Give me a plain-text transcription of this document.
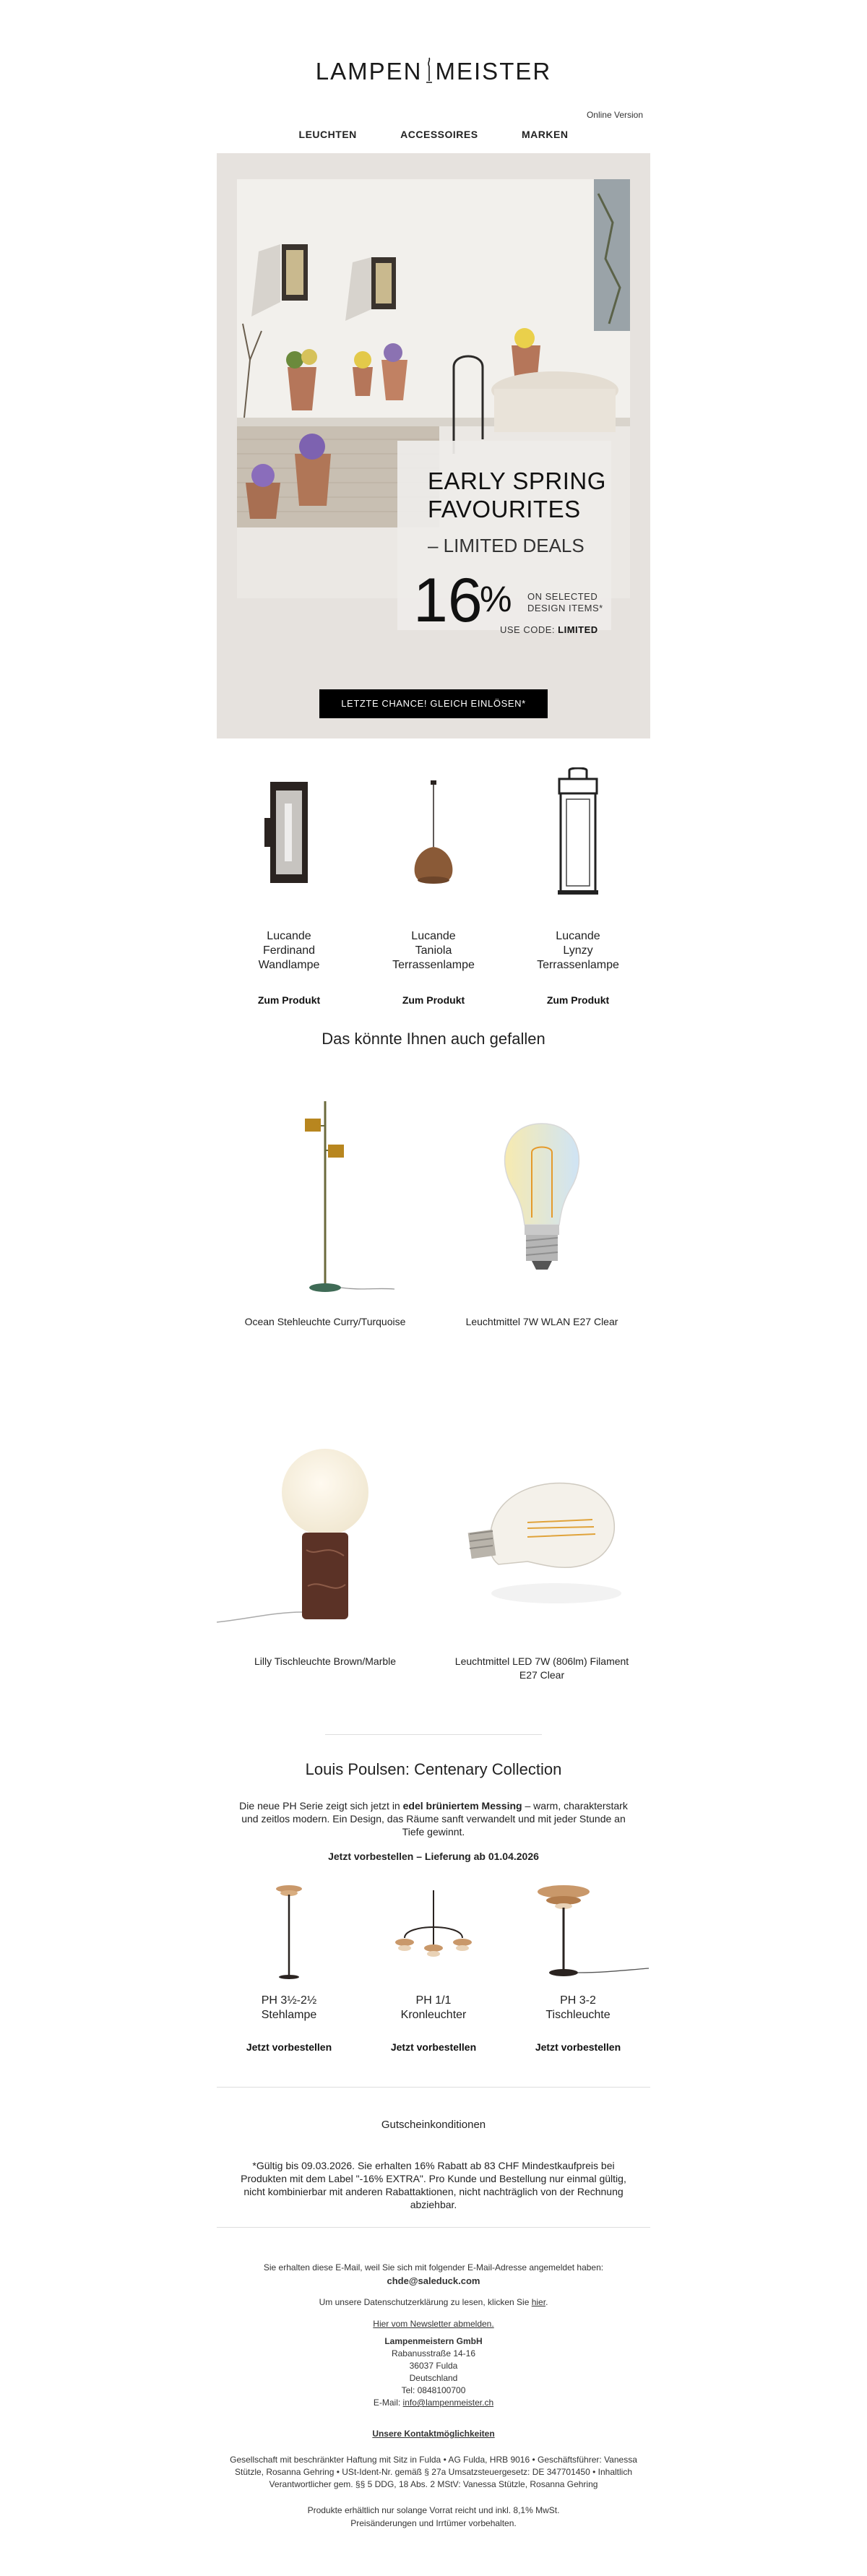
LAMPEN MEISTER
Online Version
LEUCHTEN	ACCESSOIRES	MARKEN
EARLY SPRING
FAVOURITES
– LIMITED DEALS
16
% ON SELECTED
DESIGN ITEMS*
USE CODE: LIMITED
LETZTE CHANCE! GLEICH EINLÖSEN*
Lucande
Ferdinand
Wandlampe
Zum Produkt
Lucande
Taniola
Terrassenlampe
Zum Produkt
Lucande
Lynzy
Terrassenlampe
Zum Produkt
Das könnte Ihnen auch gefallen
Ocean Stehleuchte Curry/Turquoise	Leuchtmittel 7W WLAN E27 Clear
Lilly Tischleuchte Brown/Marble	Leuchtmittel LED 7W (806lm) Filament E27 Clear
Louis Poulsen: Centenary Collection
Die neue PH Serie zeigt sich jetzt in edel brüniertem Messing – warm, charakterstark und zeitlos modern. Ein Design, das Räume sanft verwandelt und mit jeder Stunde an Tiefe gewinnt.
Jetzt vorbestellen – Lieferung ab 01.04.2026
PH 3½-2½
Stehlampe
Jetzt vorbestellen
PH 1/1
Kronleuchter
Jetzt vorbestellen
PH 3-2
Tischleuchte
Jetzt vorbestellen
Gutscheinkonditionen
*Gültig bis 09.03.2026. Sie erhalten 16% Rabatt ab 83 CHF Mindestkaufpreis bei Produkten mit dem Label "-16% EXTRA". Pro Kunde und Bestellung nur einmal gültig, nicht kombinierbar mit anderen Rabattaktionen, nicht nachträglich von der Rechnung abziehbar.
Sie erhalten diese E-Mail, weil Sie sich mit folgender E-Mail-Adresse angemeldet haben:
chde@saleduck.com
Um unsere Datenschutzerklärung zu lesen, klicken Sie hier.
Hier vom Newsletter abmelden.
Lampenmeistern GmbH
Rabanusstraße 14-16
36037 Fulda
Deutschland
Tel: 0848100700
E-Mail: info@lampenmeister.ch
Unsere Kontaktmöglichkeiten
Gesellschaft mit beschränkter Haftung mit Sitz in Fulda • AG Fulda, HRB 9016 • Geschäftsführer: Vanessa Stützle, Rosanna Gehring • USt-Ident-Nr. gemäß § 27a Umsatzsteuergesetz: DE 347701450 • Inhaltlich Verantwortlicher gem. §§ 5 DDG, 18 Abs. 2 MStV: Vanessa Stützle, Rosanna Gehring
Produkte erhältlich nur solange Vorrat reicht und inkl. 8,1% MwSt.
Preisänderungen und Irrtümer vorbehalten.
